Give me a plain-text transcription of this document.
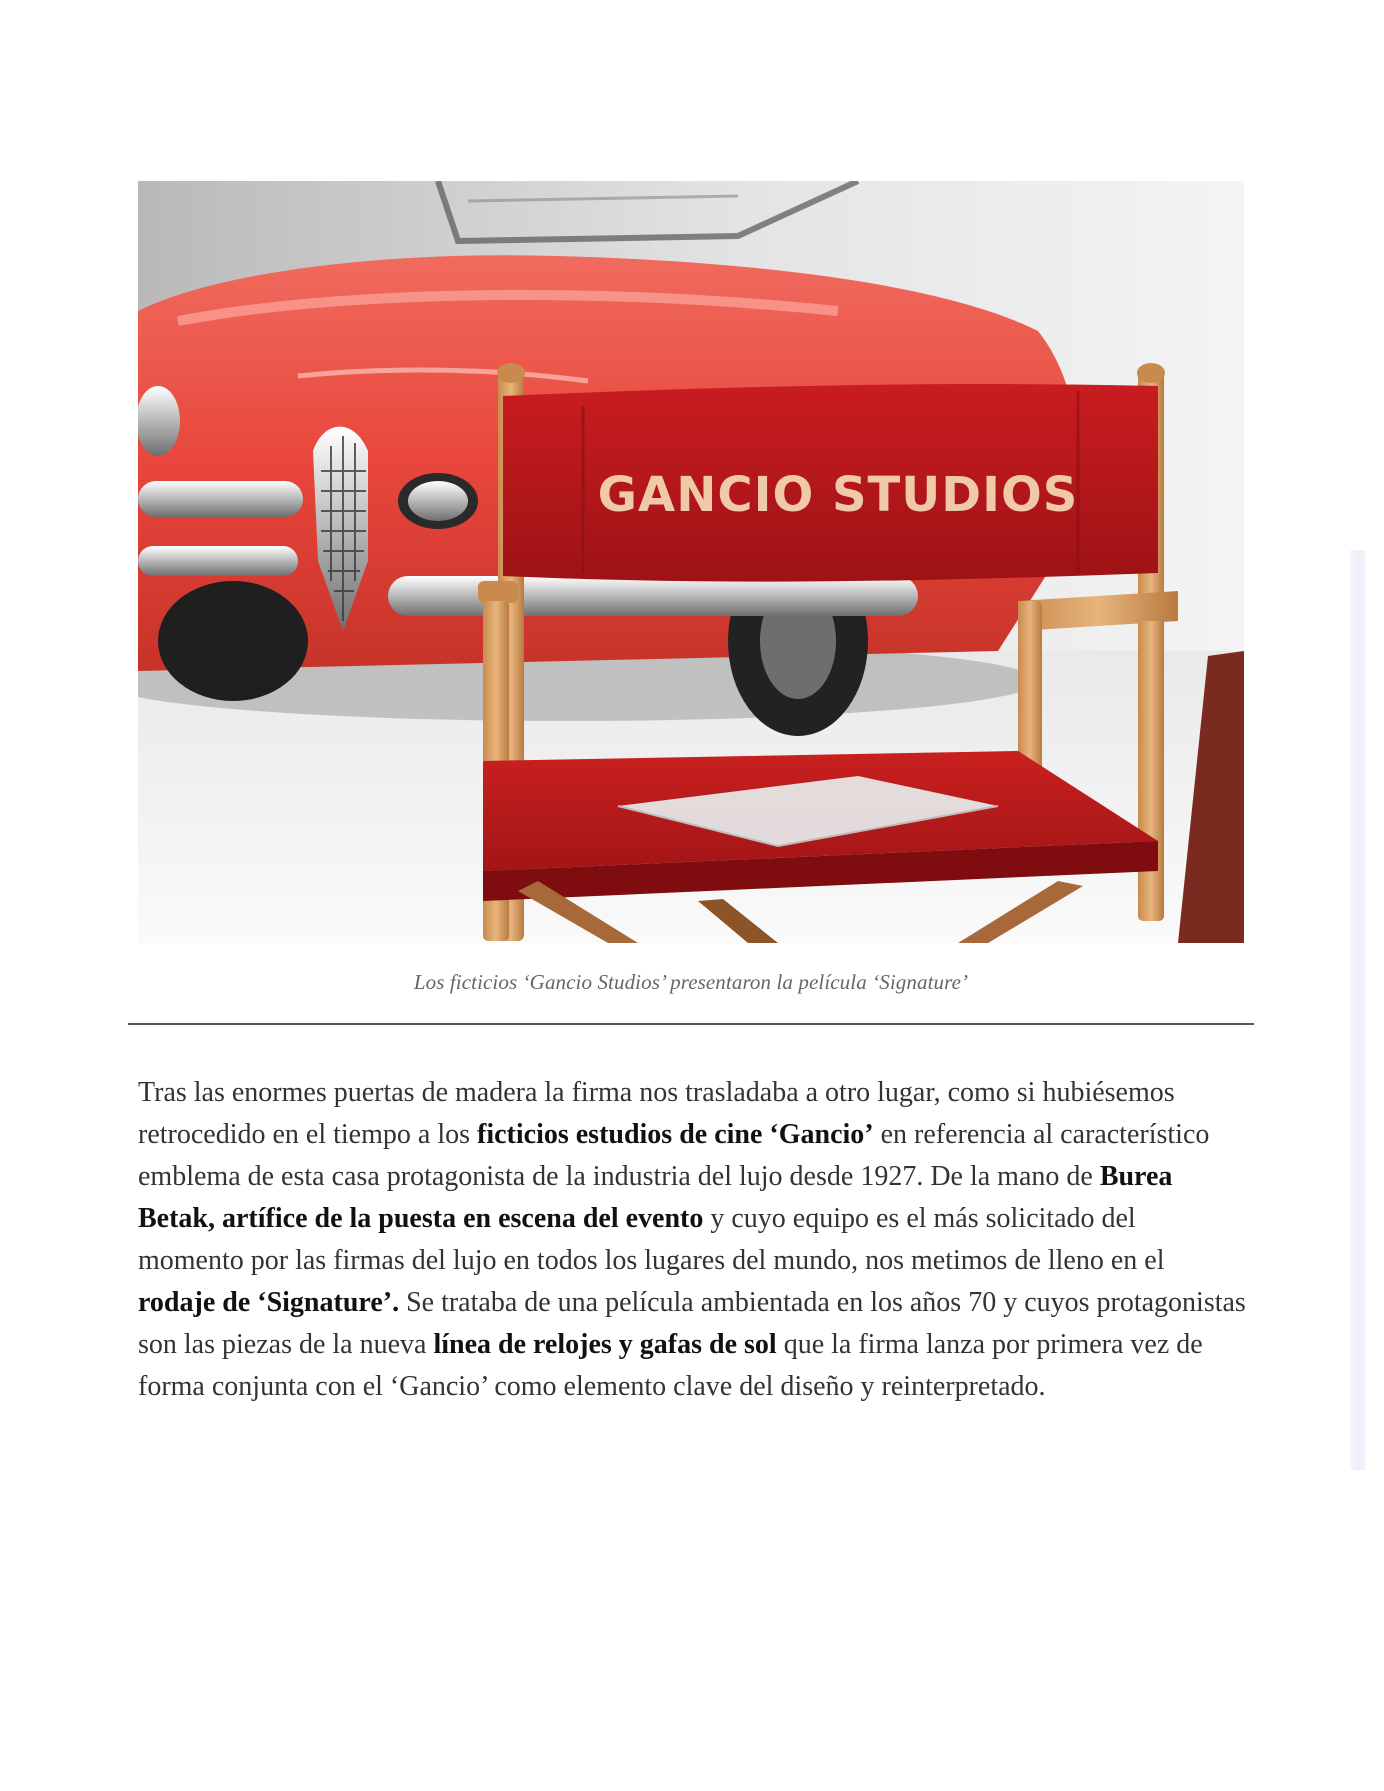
GANCIO STUDIOS
Los ficticios ‘Gancio Studios’ presentaron la película ‘Signature’

Tras las enormes puertas de madera la firma nos trasladaba a otro lugar, como si hubiésemos retrocedido en el tiempo a los ficticios estudios de cine ‘Gancio’ en referencia al característico emblema de esta casa protagonista de la industria del lujo desde 1927. De la mano de Burea Betak, artífice de la puesta en escena del evento y cuyo equipo es el más solicitado del momento por las firmas del lujo en todos los lugares del mundo, nos metimos de lleno en el rodaje de ‘Signature’. Se trataba de una película ambientada en los años 70 y cuyos protagonistas son las piezas de la nueva línea de relojes y gafas de sol que la firma lanza por primera vez de forma conjunta con el ‘Gancio’ como elemento clave del diseño y reinterpretado.
